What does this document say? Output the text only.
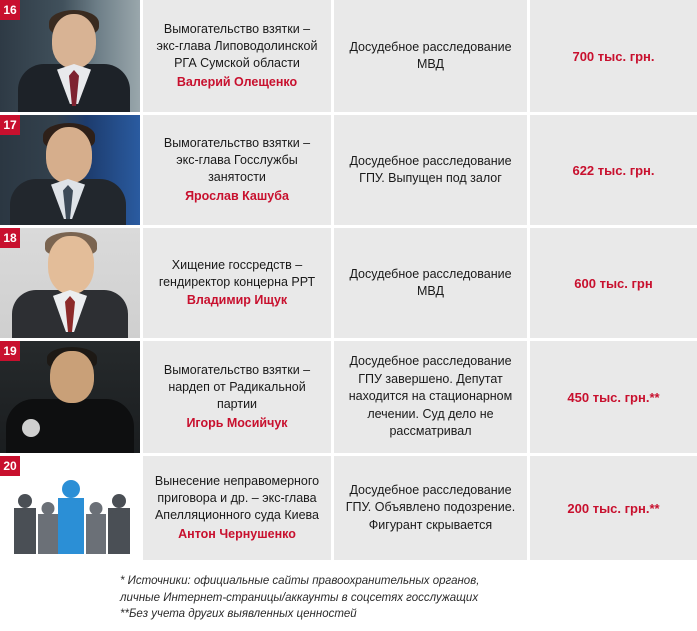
16
Вымогательство взятки – экс-глава Липоводолинской РГА Сумской области
Валерий Олещенко
Досудебное расследование МВД
700 тыс. грн.
17
Вымогательство взятки – экс-глава Госслужбы занятости
Ярослав Кашуба
Досудебное расследование ГПУ. Выпущен под залог
622 тыс. грн.
18
Хищение госсредств – гендиректор концерна РРТ
Владимир Ищук
Досудебное расследование МВД
600 тыс. грн
19
Вымогательство взятки – нардеп от Радикальной партии
Игорь Мосийчук
Досудебное расследование ГПУ завершено. Депутат находится на стационарном лечении. Суд дело не рассматривал
450 тыс. грн.**
20
Вынесение неправомерного приговора и др. – экс-глава Апелляционного суда Киева
Антон Чернушенко
Досудебное расследование ГПУ. Объявлено подозрение. Фигурант скрывается
200 тыс. грн.**
* Источники: официальные сайты правоохранительных органов,
личные Интернет-страницы/аккаунты в соцсетях госслужащих
**Без учета других выявленных ценностей
